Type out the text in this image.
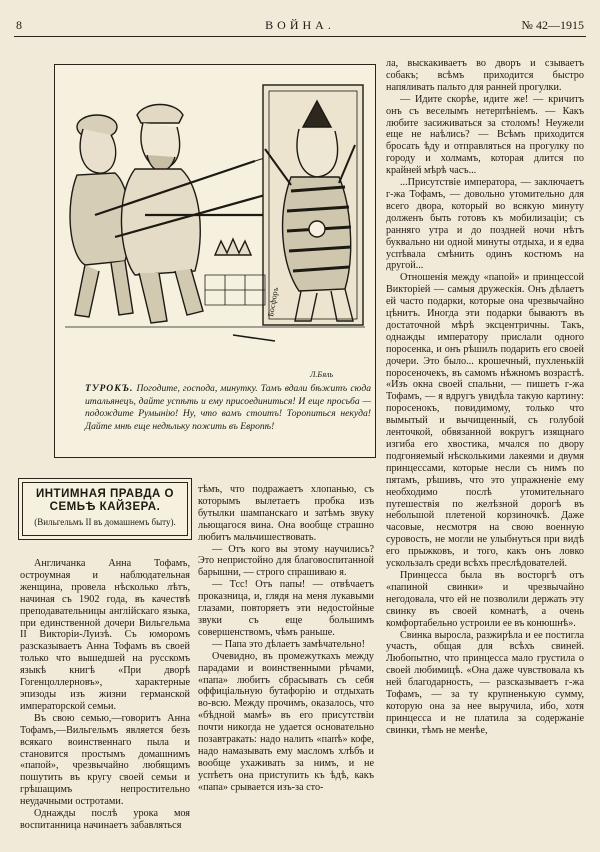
8	ВОЙНА.	№ 42—1915
Босфоръ
Л.Бяль
ТУРОКЪ. Погодите, господа, минутку. Тамъ вдали бѣжитъ сюда итальянецъ, дайте успѣть и ему присоединиться! И еще просьба — подождите Румынію! Ну, что вамъ стоитъ! Торопиться некуда! Дайте мнѣ еще недѣльку пожить въ Европѣ!
ИНТИМНАЯ ПРАВДА О СЕМЬѢ КАЙЗЕРА.
(Вильгельмъ II въ домашнемъ быту).

Англичанка Анна Тофамъ, остроумная и наблюдательная женщина, провела нѣсколько лѣтъ, начиная съ 1902 года, въ качествѣ преподавательницы англійскаго языка, при единственной дочери Вильгельма II Викторіи-Луизѣ. Съ юморомъ разсказываетъ Анна Тофамъ въ своей только что вышедшей на русскомъ языкѣ книгѣ «При дворѣ Гогенцоллерновъ», характерные эпизоды изъ жизни германской императорской семьи.

Въ свою семью,—говоритъ Анна Тофамъ,—Вильгельмъ является безъ всякаго воинственнаго пыла и становится простымъ домашнимъ «папой», чрезвычайно любящимъ пошутить въ кругу своей семьи и грѣшащимъ непростительно неудачными остротами.

Однажды послѣ урока моя воспитанница начинаетъ забавляться

тѣмъ, что подражаетъ хлопанью, съ которымъ вылетаетъ пробка изъ бутылки шампанскаго и затѣмъ звуку льющагося вина. Она вообще страшно любитъ мальчишествовать.

— Отъ кого вы этому научились? Это непристойно для благовоспитанной барышни, — строго спрашиваю я.

— Тсс! Отъ папы! — отвѣчаетъ проказница, и, глядя на меня лукавыми глазами, повторяетъ эти недостойные звуки съ еще большимъ совершенствомъ, чѣмъ раньше.

— Папа это дѣлаетъ замѣчательно!

Очевидно, въ промежуткахъ между парадами и воинственными рѣчами, «папа» любитъ сбрасывать съ себя оффиціальную бутафорію и отдыхать во-всю. Между прочимъ, оказалось, что «бѣдной мамѣ» въ его присутствіи почти никогда не удается основательно позавтракать: надо налить «папѣ» кофе, надо намазывать ему масломъ хлѣбъ и вообще ухаживать за нимъ, и не успѣетъ она приступить къ ѣдѣ, какъ «папа» срывается изъ-за сто-

ла, выскакиваетъ во дворъ и сзываетъ собакъ; всѣмъ приходится быстро напяливать пальто для ранней прогулки.

— Идите скорѣе, идите же! — кричитъ онъ съ веселымъ нетерпѣніемъ. — Какъ любите засиживаться за столомъ! Неужели еще не наѣлись? — Всѣмъ приходится бросать ѣду и отправляться на прогулку по городу и холмамъ, которая длится по крайней мѣрѣ часъ...

...Присутствіе императора, — заключаетъ г-жа Тофамъ, — довольно утомительно для всего двора, который во всякую минуту долженъ быть готовъ къ мобилизаціи; съ ранняго утра и до поздней ночи нѣтъ буквально ни одной минуты отдыха, и я едва успѣвала смѣнить одинъ костюмъ на другой...

Отношенія между «папой» и принцессой Викторіей — самыя дружескія. Онъ дѣлаетъ ей часто подарки, которые она чрезвычайно цѣнитъ. Иногда эти подарки бываютъ въ достаточной мѣрѣ эксцентричны. Такъ, однажды императору прислали одного поросенка, и онъ рѣшилъ подарить его своей дочери. Это было... крошечный, пухленькій поросеночекъ, въ самомъ нѣжномъ возрастѣ. «Изъ окна своей спальни, — пишетъ г-жа Тофамъ, — я вдругъ увидѣла такую картину: поросенокъ, повидимому, только что вымытый и вычищенный, съ голубой ленточкой, обвязанной вокругъ изящнаго изгиба его хвостика, мчался по двору подгоняемый нѣсколькими лакеями и двумя принцессами, которые несли съ нимъ по пятамъ, рѣшивъ, что это упражненіе ему необходимо послѣ утомительнаго путешествія по желѣзной дорогѣ въ небольшой плетеной корзиночкѣ. Даже часовые, несмотря на свою военную суровость, не могли не улыбнуться при видѣ его прыжковъ, и того, какъ онъ ловко ускользалъ среди всѣхъ преслѣдователей.

Принцесса была въ восторгѣ отъ «папиной свинки» и чрезвычайно негодовала, что ей не позволили держать эту свинку въ своей комнатѣ, а очень комфортабельно устроили ее въ конюшнѣ».

Свинка выросла, разжирѣла и ее постигла участь, общая для всѣхъ свиней. Любопытно, что принцесса мало грустила о своей любимицѣ. «Она даже чувствовала къ ней благодарность, — разсказываетъ г-жа Тофамъ, — за ту крупненькую сумму, которую она за нее выручила, ибо, хотя принцесса и не платила за содержаніе свинки, тѣмъ не менѣе,
